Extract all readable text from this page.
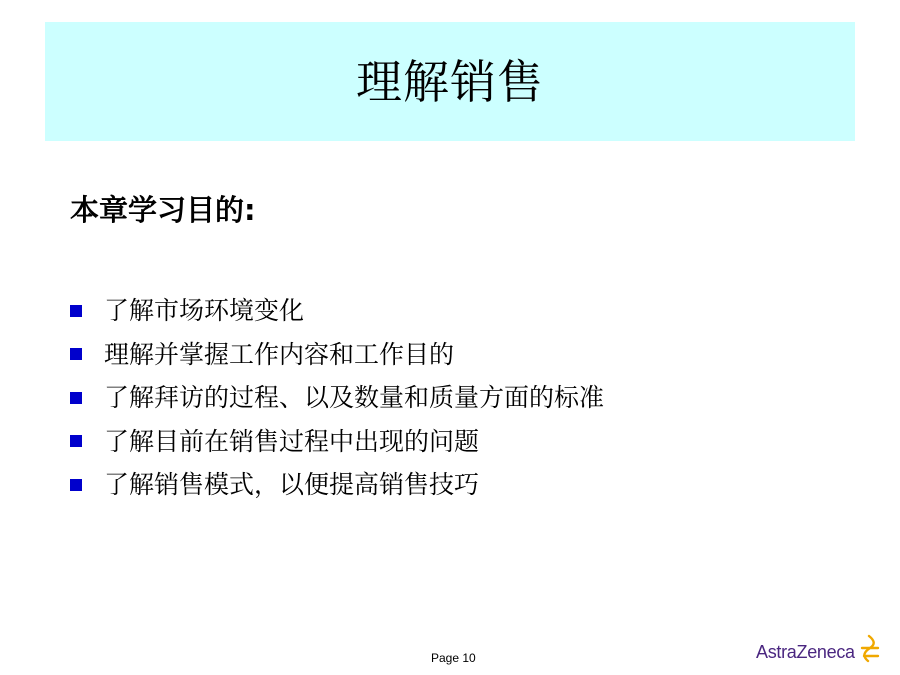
理解销售
本章学习目的:
了解市场环境变化
理解并掌握工作内容和工作目的
了解拜访的过程、以及数量和质量方面的标准
了解目前在销售过程中出现的问题
了解销售模式，以便提高销售技巧
Page 10	AstraZeneca
